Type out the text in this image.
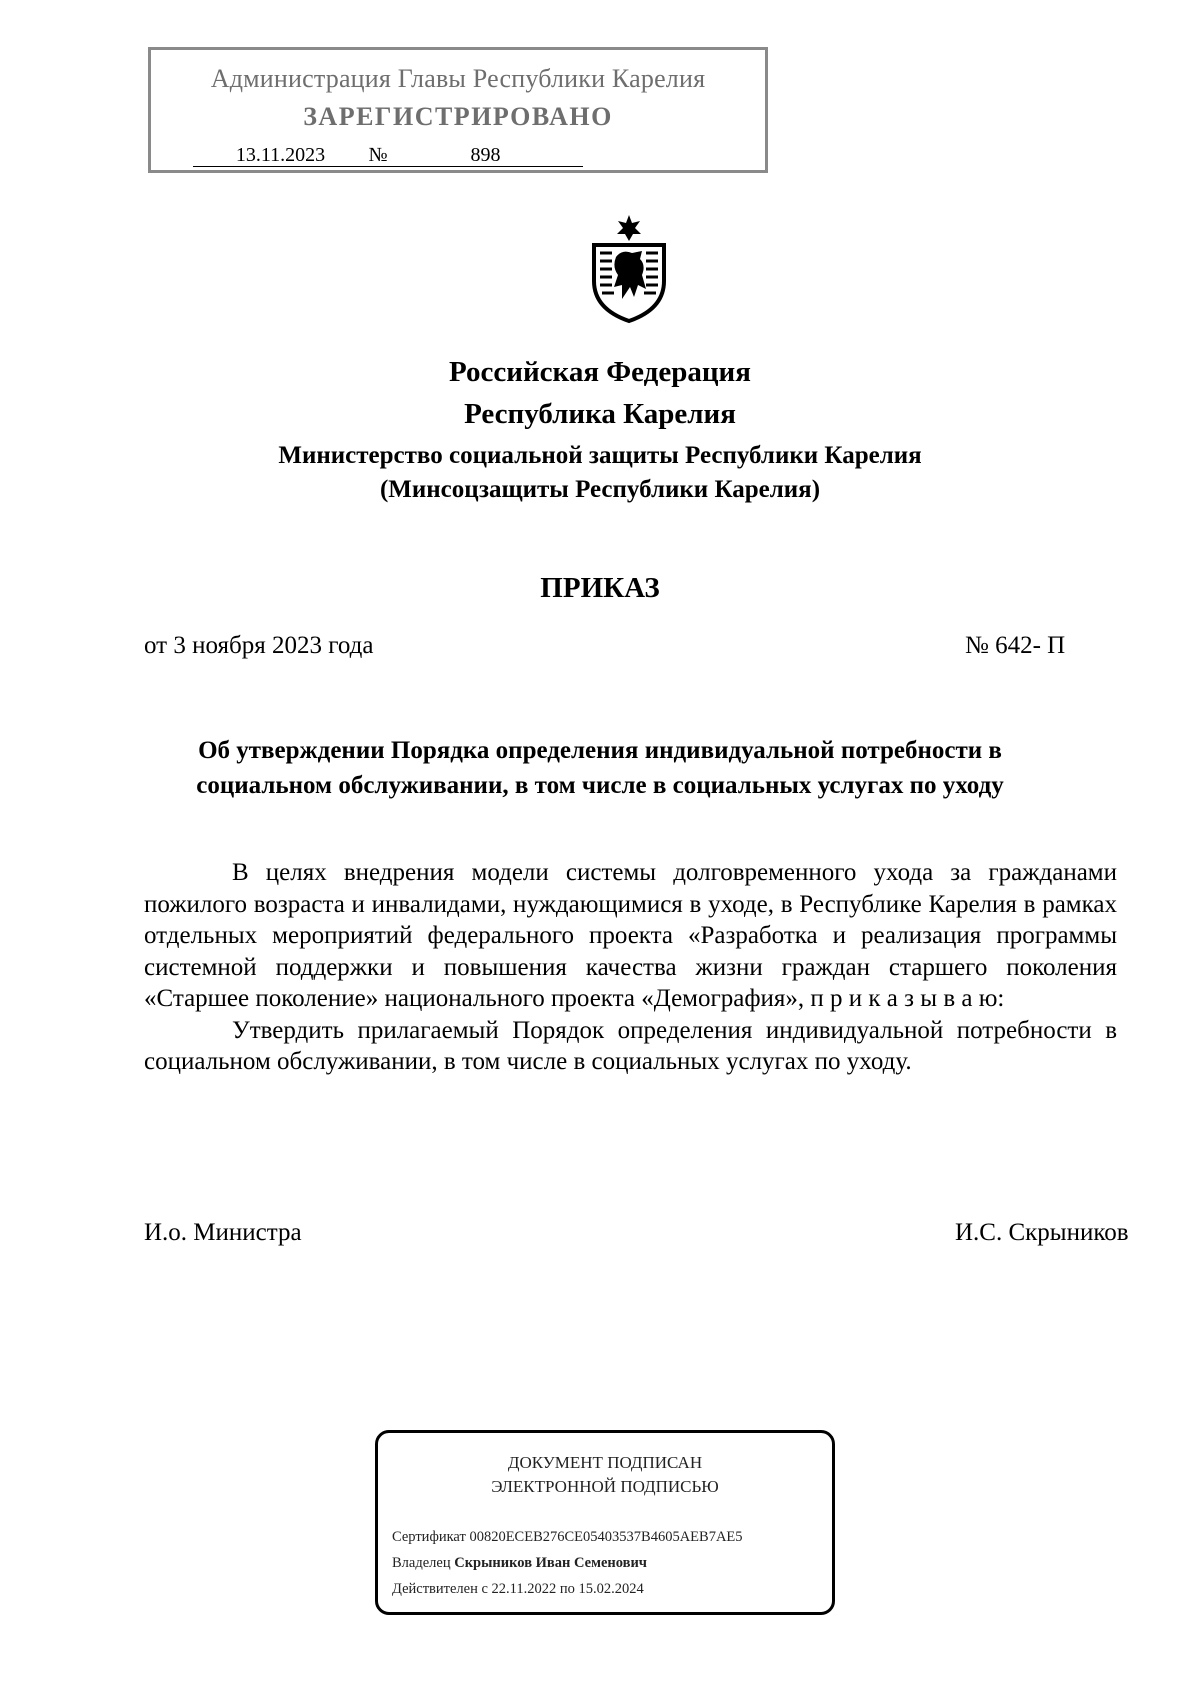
Администрация Главы Республики Карелия
ЗАРЕГИСТРИРОВАНО
13.11.2023 №	898
Российская Федерация
Республика Карелия
Министерство социальной защиты Республики Карелия
(Минсоцзащиты Республики Карелия)
ПРИКАЗ
от 3 ноября 2023 года	№ 642- П
Об утверждении Порядка определения индивидуальной потребности в
социальном обслуживании, в том числе в социальных услугах по уходу

В целях внедрения модели системы долговременного ухода за гражданами пожилого возраста и инвалидами, нуждающимися в уходе, в Республике Карелия в рамках отдельных мероприятий федерального проекта «Разработка и реализация программы системной поддержки и повышения качества жизни граждан старшего поколения «Старшее поколение» национального проекта «Демография», п р и к а з ы в а ю:

Утвердить прилагаемый Порядок определения индивидуальной потребности в социальном обслуживании, в том числе в социальных услугах по уходу.

И.о. Министра	И.С. Скрыников
ДОКУМЕНТ ПОДПИСАН
ЭЛЕКТРОННОЙ ПОДПИСЬЮ
Сертификат 00820ECEB276CE05403537B4605AEB7AE5
Владелец Скрыников Иван Семенович
Действителен с 22.11.2022 по 15.02.2024
